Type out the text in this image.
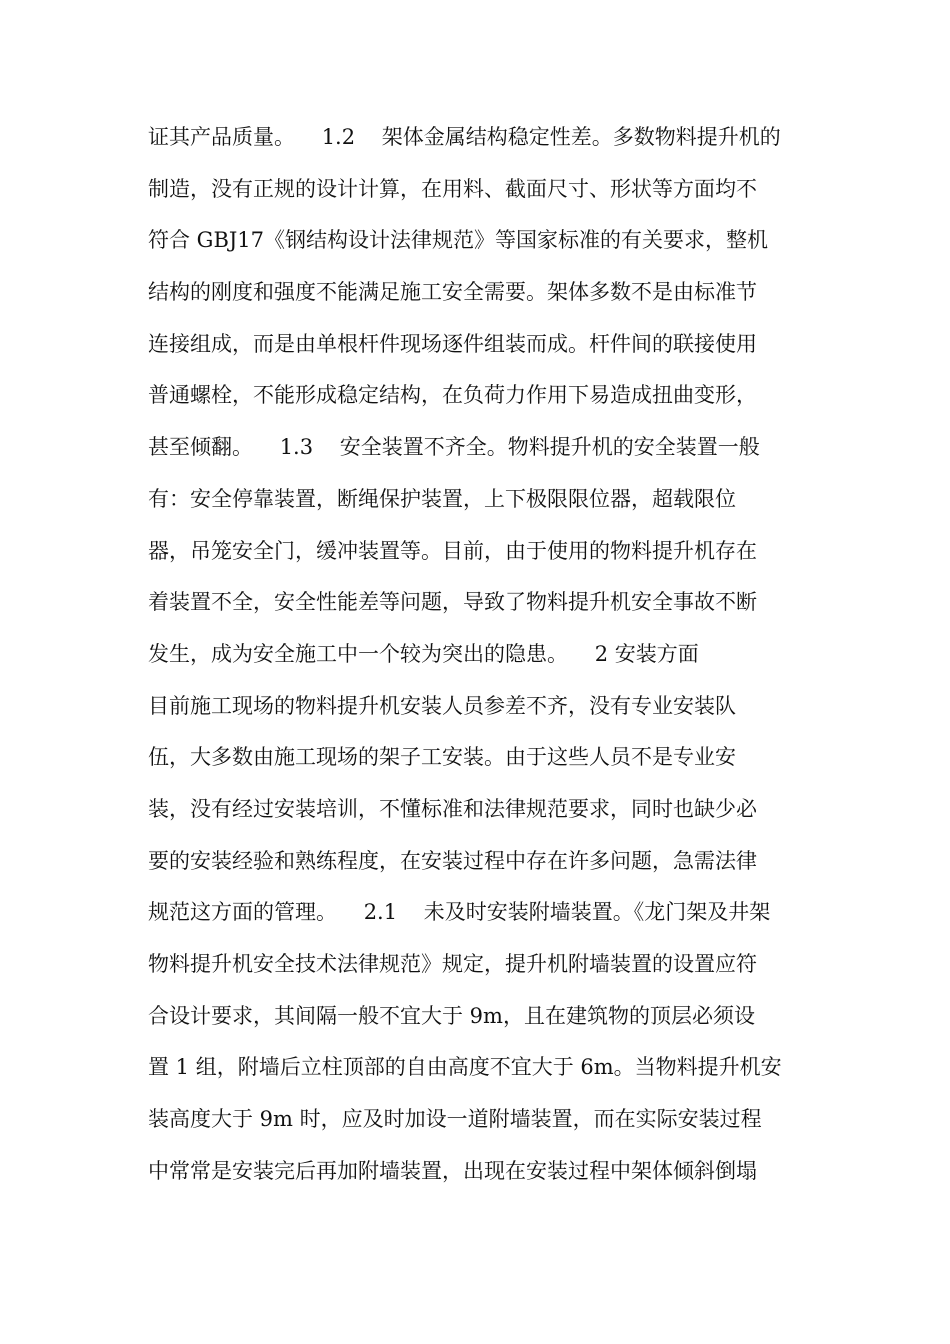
证其产品质量。    1.2    架体金属结构稳定性差。多数物料提升机的
制造，没有正规的设计计算，在用料、截面尺寸、形状等方面均不
符合 GBJ17《钢结构设计法律规范》等国家标准的有关要求，整机
结构的刚度和强度不能满足施工安全需要。架体多数不是由标准节
连接组成，而是由单根杆件现场逐件组装而成。杆件间的联接使用
普通螺栓，不能形成稳定结构，在负荷力作用下易造成扭曲变形，
甚至倾翻。    1.3    安全装置不齐全。物料提升机的安全装置一般
有：安全停靠装置，断绳保护装置，上下极限限位器，超载限位
器，吊笼安全门，缓冲装置等。目前，由于使用的物料提升机存在
着装置不全，安全性能差等问题，导致了物料提升机安全事故不断
发生，成为安全施工中一个较为突出的隐患。    2 安装方面
目前施工现场的物料提升机安装人员参差不齐，没有专业安装队
伍，大多数由施工现场的架子工安装。由于这些人员不是专业安
装，没有经过安装培训，不懂标准和法律规范要求，同时也缺少必
要的安装经验和熟练程度，在安装过程中存在许多问题，急需法律
规范这方面的管理。    2.1    未及时安装附墙装置。《龙门架及井架
物料提升机安全技术法律规范》规定，提升机附墙装置的设置应符
合设计要求，其间隔一般不宜大于 9m，且在建筑物的顶层必须设
置 1 组，附墙后立柱顶部的自由高度不宜大于 6m。当物料提升机安
装高度大于 9m 时，应及时加设一道附墙装置，而在实际安装过程
中常常是安装完后再加附墙装置，出现在安装过程中架体倾斜倒塌
